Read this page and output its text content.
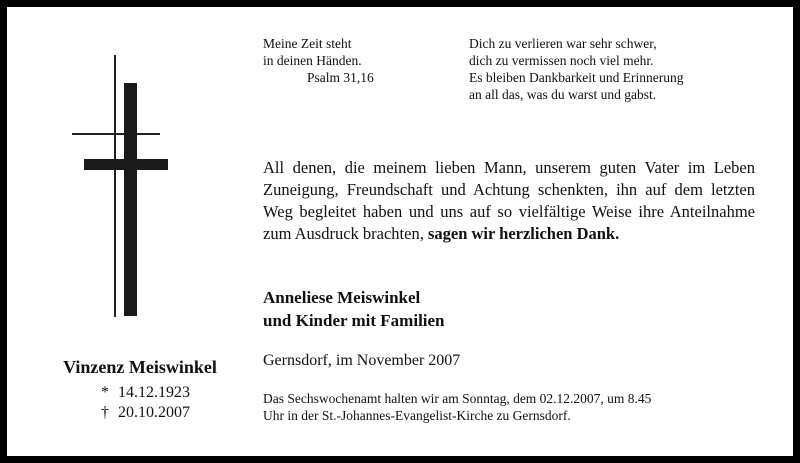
Meine Zeit steht
in deinen Händen.
Psalm 31,16
Dich zu verlieren war sehr schwer,
dich zu vermissen noch viel mehr.
Es bleiben Dankbarkeit und Erinnerung
an all das, was du warst und gabst.
All denen, die meinem lieben Mann, unserem guten Vater im Leben Zuneigung, Freundschaft und Achtung schenkten, ihn auf dem letzten Weg begleitet haben und uns auf so vielfältige Weise ihre Anteilnahme zum Ausdruck brachten, sagen wir herzlichen Dank.
Anneliese Meiswinkel
und Kinder mit Familien
Gernsdorf, im November 2007
Das Sechswochenamt halten wir am Sonntag, dem 02.12.2007, um 8.45
Uhr in der St.-Johannes-Evangelist-Kirche zu Gernsdorf.
Vinzenz Meiswinkel
* 14.12.1923
† 20.10.2007
